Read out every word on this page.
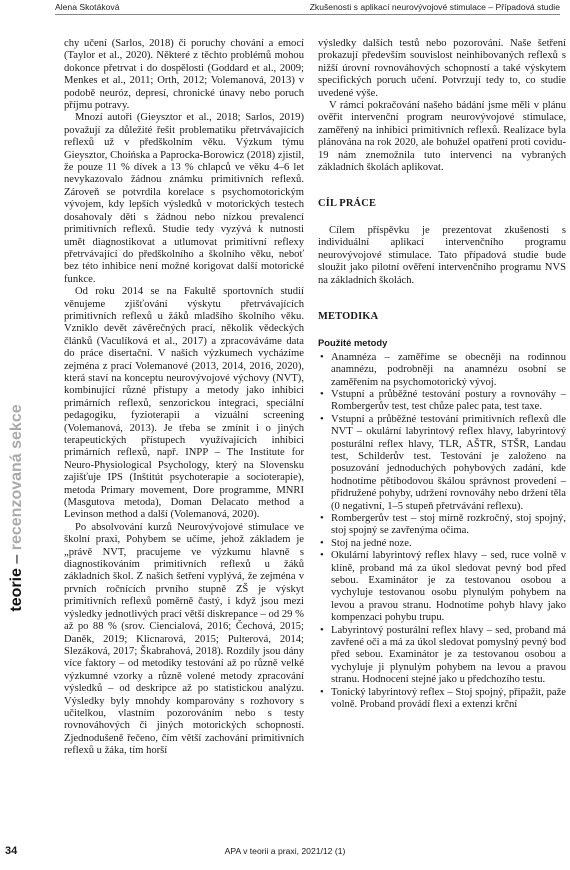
Alena Skotáková	Zkušenosti s aplikací neurovývojové stimulace – Případová studie
teorie – recenzovaná sekce

chy učení (Sarlos, 2018) či poruchy chování a emocí (Taylor et al., 2020). Některé z těchto problémů mohou dokonce přetrvat i do dospělosti (Goddard et al., 2009; Menkes et al., 2011; Orth, 2012; Volemanová, 2013) v podobě neuróz, depresí, chronické únavy nebo poruch příjmu potravy.

Mnozí autoři (Gieysztor et al., 2018; Sarlos, 2019) považují za důležité řešit problematiku přetrvávajících reflexů už v předškolním věku. Výzkum týmu Gieysztor, Choińska a Paprocka-Borowicz (2018) zjistil, že pouze 11 % dívek a 13 % chlapců ve věku 4–6 let nevykazovalo žádnou známku primitivních reflexů. Zároveň se potvrdila korelace s psychomotorickým vývojem, kdy lepších výsledků v motorických testech dosahovaly děti s žádnou nebo nízkou prevalencí primitivních reflexů. Studie tedy vyzývá k nutnosti umět diagnostikovat a utlumovat primitivní reflexy přetrvávající do předškolního a školního věku, neboť bez této inhibice není možné korigovat další motorické funkce.

Od roku 2014 se na Fakultě sportovních studií věnujeme zjišťování výskytu přetrvávajících primitivních reflexů u žáků mladšího školního věku. Vzniklo devět závěrečných prací, několik vědeckých článků (Vaculíková et al., 2017) a zpracováváme data do práce disertační. V našich výzkumech vycházíme zejména z prací Volemanové (2013, 2014, 2016, 2020), která staví na konceptu neurovývojové výchovy (NVT), kombinující různé přístupy a metody jako inhibici primárních reflexů, senzorickou integraci, speciální pedagogiku, fyzioterapii a vizuální screening (Volemanová, 2013). Je třeba se zmínit i o jiných terapeutických přístupech využívajících inhibici primárních reflexů, např. INPP – The Institute for Neuro-Physiological Psychology, který na Slovensku zajišťuje IPS (Inštitút psychoterapie a socioterapie), metoda Primary movement, Dore programme, MNRI (Masgutova metoda), Doman Delacato method a Levinson method a další (Volemanová, 2020).

Po absolvování kurzů Neurovývojové stimulace ve školní praxi, Pohybem se učíme, jehož základem je „právě NVT, pracujeme ve výzkumu hlavně s diagnostikováním primitivních reflexů u žáků základních škol. Z našich šetření vyplývá, že zejména v prvních ročnících prvního stupně ZŠ je výskyt primitivních reflexů poměrně častý, i když jsou mezi výsledky jednotlivých prací větší diskrepance – od 29 % až po 88 % (srov. Ciencialová, 2016; Čechová, 2015; Daněk, 2019; Klicnarová, 2015; Pulterová, 2014; Slezáková, 2017; Škabrahová, 2018). Rozdíly jsou dány více faktory – od metodiky testování až po různě velké výzkumné vzorky a různě volené metody zpracování výsledků – od deskripce až po statistickou analýzu. Výsledky byly mnohdy komparovány s rozhovory s učitelkou, vlastním pozorováním nebo s testy rovnováhových či jiných motorických schopností. Zjednodušeně řečeno, čím větší zachování primitivních reflexů u žáka, tím horší

výsledky dalších testů nebo pozorování. Naše šetření prokazují především souvislost neinhibovaných reflexů s nižší úrovní rovnováhových schopností a také výskytem specifických poruch učení. Potvrzují tedy to, co studie uvedené výše.

V rámci pokračování našeho bádání jsme měli v plánu ověřit intervenční program neurovývojové stimulace, zaměřený na inhibici primitivních reflexů. Realizace byla plánována na rok 2020, ale bohužel opatření proti covidu-19 nám znemožnila tuto intervenci na vybraných základních školách aplikovat.

CÍL PRÁCE

Cílem příspěvku je prezentovat zkušenosti s individuální aplikací intervenčního programu neurovývojové stimulace. Tato případová studie bude sloužit jako pilotní ověření intervenčního programu NVS na základních školách.

METODIKA
Použité metody
• Anamnéza – zaměříme se obecněji na rodinnou anamnézu, podrobněji na anamnézu osobní se zaměřením na psychomotorický vývoj.
• Vstupní a průběžné testování postury a rovnováhy – Rombergerův test, test chůze palec pata, test taxe.
• Vstupní a průběžné testování primitivních reflexů dle NVT – okulární labyrintový reflex hlavy, labyrintový posturální reflex hlavy, TLR, AŠTR, STŠR, Landau test, Schilderův test. Testování je založeno na posuzování jednoduchých pohybových zadání, kde hodnotíme pětibodovou škálou správnost provedení – přidružené pohyby, udržení rovnováhy nebo držení těla (0 negativní, 1–5 stupeň přetrvávání reflexu).
• Rombergerův test – stoj mírně rozkročný, stoj spojný, stoj spojný se zavřenýma očima.
• Stoj na jedné noze.
• Okulární labyrintový reflex hlavy – sed, ruce volně v klíně, proband má za úkol sledovat pevný bod před sebou. Examinátor je za testovanou osobou a vychyluje testovanou osobu plynulým pohybem na levou a pravou stranu. Hodnotíme pohyb hlavy jako kompenzaci pohybu trupu.
• Labyrintový posturální reflex hlavy – sed, proband má zavřené oči a má za úkol sledovat pomyslný pevný bod před sebou. Examinátor je za testovanou osobou a vychyluje ji plynulým pohybem na levou a pravou stranu. Hodnocení stejné jako u předchozího testu.
• Tonický labyrintový reflex – Stoj spojný, připažit, paže volně. Proband provádí flexi a extenzi krční
34	APA v teorii a praxi, 2021/12 (1)
